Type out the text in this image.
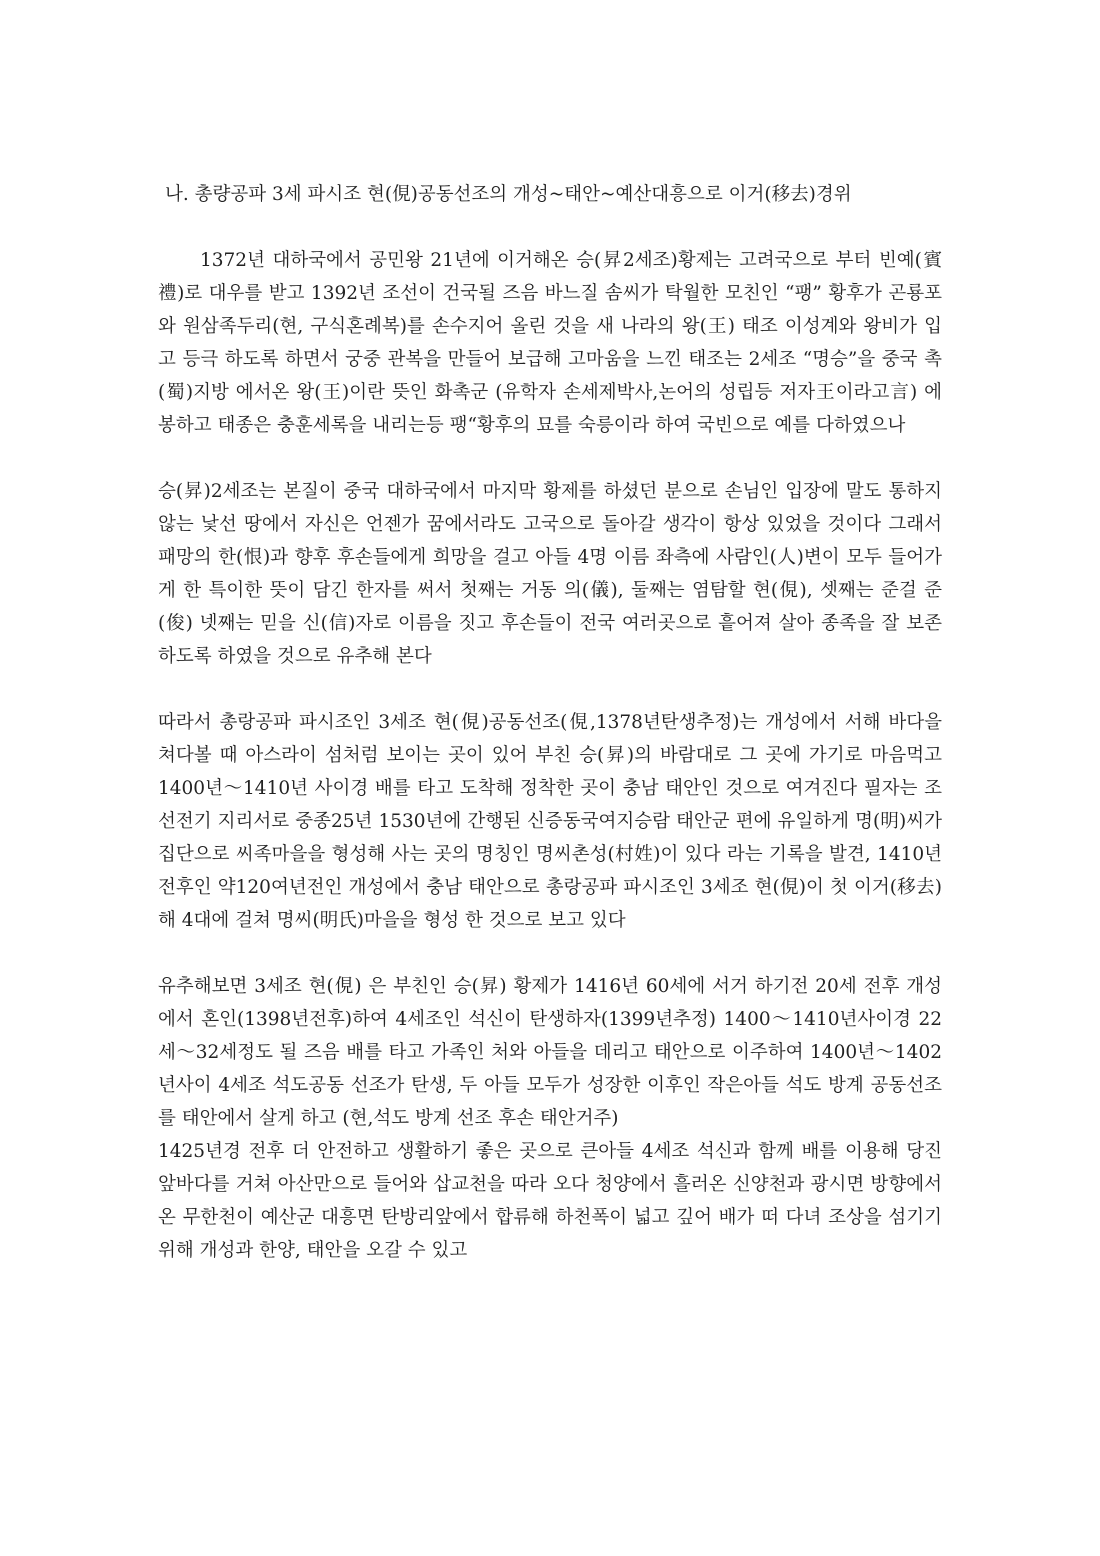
나. 총량공파 3세 파시조 현(俔)공동선조의 개성~태안~예산대흥으로 이거(移去)경위

1372년 대하국에서 공민왕 21년에 이거해온 승(昇2세조)황제는 고려국으로 부터 빈예(賓禮)로 대우를 받고 1392년 조선이 건국될 즈음 바느질 솜씨가 탁월한 모친인 “팽” 황후가 곤룡포와 원삼족두리(현, 구식혼례복)를 손수지어 올린 것을 새 나라의 왕(王) 태조 이성계와 왕비가 입고 등극 하도록 하면서 궁중 관복을 만들어 보급해 고마움을 느낀 태조는 2세조 “명승”을 중국 촉(蜀)지방 에서온 왕(王)이란 뜻인 화촉군 (유학자 손세제박사,논어의 성립등 저자王이라고言) 에 봉하고 태종은 충훈세록을 내리는등 팽“황후의 묘를 숙릉이라 하여 국빈으로 예를 다하였으나

승(昇)2세조는 본질이 중국 대하국에서 마지막 황제를 하셨던 분으로 손님인 입장에 말도 통하지 않는 낯선 땅에서 자신은 언젠가 꿈에서라도 고국으로 돌아갈 생각이 항상 있었을 것이다 그래서 패망의 한(恨)과 향후 후손들에게 희망을 걸고 아들 4명 이름 좌측에 사람인(人)변이 모두 들어가게 한 특이한 뜻이 담긴 한자를 써서 첫째는 거동 의(儀), 둘째는 염탐할 현(俔), 셋째는 준걸 준(俊) 넷째는 믿을 신(信)자로 이름을 짓고 후손들이 전국 여러곳으로 흩어져 살아 종족을 잘 보존하도록 하였을 것으로 유추해 본다

따라서 총랑공파 파시조인 3세조 현(俔)공동선조(俔,1378년탄생추정)는 개성에서 서해 바다을 쳐다볼 때 아스라이 섬처럼 보이는 곳이 있어 부친 승(昇)의 바람대로 그 곳에 가기로 마음먹고 1400년～1410년 사이경 배를 타고 도착해 정착한 곳이 충남 태안인 것으로 여겨진다 필자는 조선전기 지리서로 중종25년 1530년에 간행된 신증동국여지승람 태안군 편에 유일하게 명(明)씨가 집단으로 씨족마을을 형성해 사는 곳의 명칭인 명씨촌성(村姓)이 있다 라는 기록을 발견, 1410년 전후인 약120여년전인 개성에서 충남 태안으로 총랑공파 파시조인 3세조 현(俔)이 첫 이거(移去) 해 4대에 걸쳐 명씨(明氏)마을을 형성 한 것으로 보고 있다

유추해보면 3세조 현(俔) 은 부친인 승(昇) 황제가 1416년 60세에 서거 하기전 20세 전후 개성에서 혼인(1398년전후)하여 4세조인 석신이 탄생하자(1399년추정) 1400～1410년사이경 22세～32세정도 될 즈음 배를 타고 가족인 처와 아들을 데리고 태안으로 이주하여 1400년～1402년사이 4세조 석도공동 선조가 탄생, 두 아들 모두가 성장한 이후인 작은아들 석도 방계 공동선조를 태안에서 살게 하고 (현,석도 방계 선조 후손 태안거주)

1425년경 전후 더 안전하고 생활하기 좋은 곳으로 큰아들 4세조 석신과 함께 배를 이용해 당진 앞바다를 거쳐 아산만으로 들어와 삽교천을 따라 오다 청양에서 흘러온 신양천과 광시면 방향에서 온 무한천이 예산군 대흥면 탄방리앞에서 합류해 하천폭이 넓고 깊어 배가 떠 다녀 조상을 섬기기 위해 개성과 한양, 태안을 오갈 수 있고
